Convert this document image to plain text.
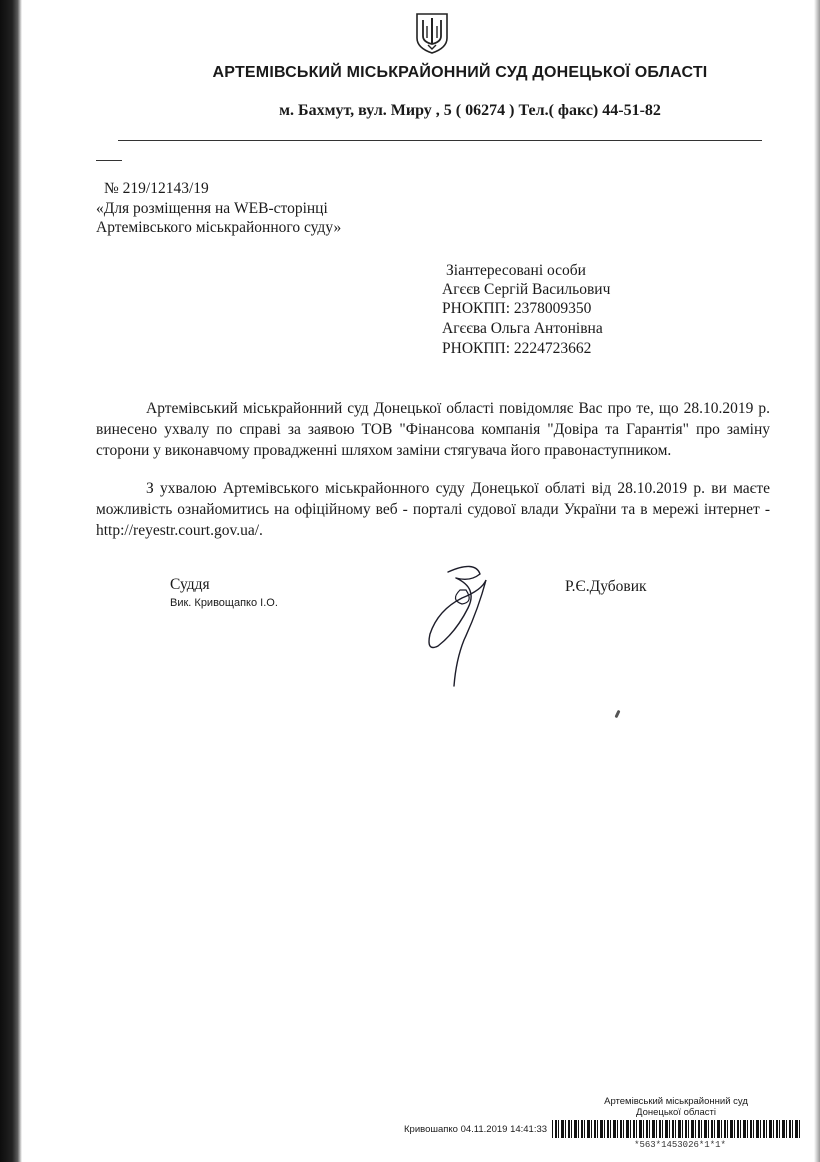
АРТЕМІВСЬКИЙ МІСЬКРАЙОННИЙ СУД ДОНЕЦЬКОЇ ОБЛАСТІ
м. Бахмут, вул. Миру , 5 ( 06274 ) Тел.( факс) 44-51-82
№ 219/12143/19
«Для розміщення на WEB-сторінці
Артемівського міськрайонного суду»
Зіантересовані особи
Агєєв Сергій Васильович
РНОКПП: 2378009350
Агєєва Ольга Антонівна
РНОКПП: 2224723662
Артемівський міськрайонний суд Донецької області повідомляє Вас про те, що 28.10.2019 р. винесено ухвалу по справі за заявою ТОВ "Фінансова компанія "Довіра та Гарантія" про заміну сторони у виконавчому провадженні шляхом заміни стягувача його правонаступником.
З ухвалою Артемівського міськрайонного суду Донецької облаті від 28.10.2019 р. ви маєте можливість ознайомитись на офіційному веб - порталі судової влади України та в мережі інтернет - http://reyestr.court.gov.ua/.
Суддя
Вик. Кривощапко І.О.
Р.Є.Дубовик
Артемівський міськрайонний суд
Донецької області
Кривошапко 04.11.2019 14:41:33
*563*1453026*1*1*
